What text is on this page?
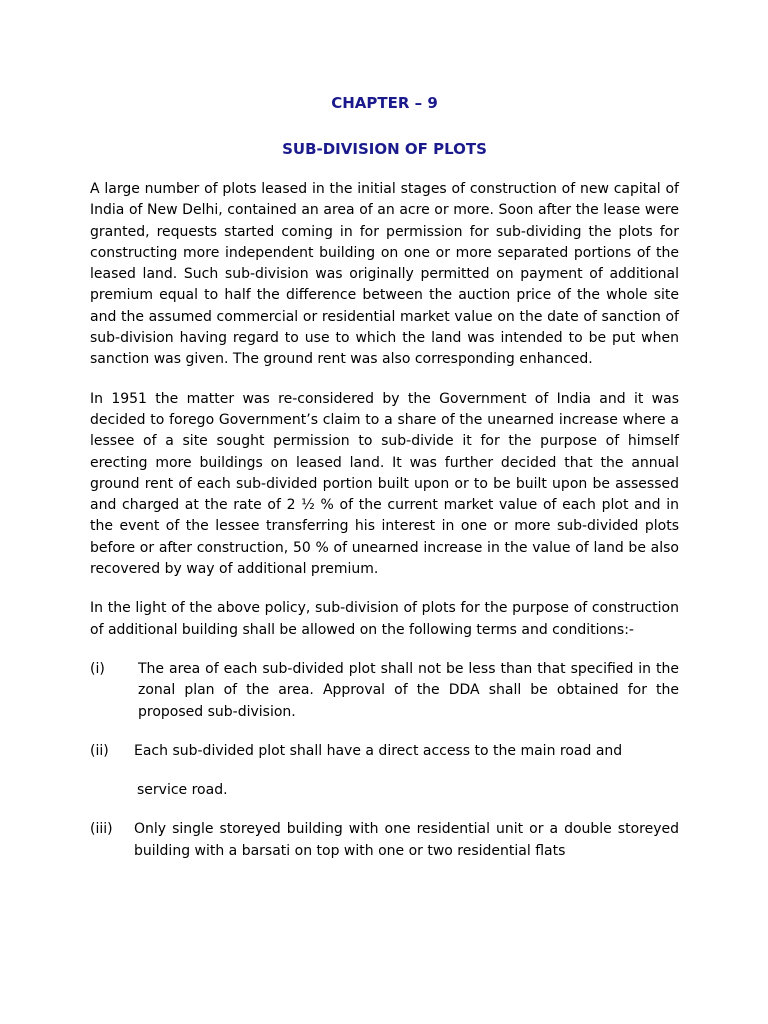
CHAPTER – 9
SUB-DIVISION OF PLOTS

A large number of plots leased in the initial stages of construction of new capital of India of New Delhi, contained an area of an acre or more. Soon after the lease were granted, requests started coming in for permission for sub-dividing the plots for constructing more independent building on one or more separated portions of the leased land. Such sub-division was originally permitted on payment of additional premium equal to half the difference between the auction price of the whole site and the assumed commercial or residential market value on the date of sanction of sub-division having regard to use to which the land was intended to be put when sanction was given. The ground rent was also corresponding enhanced.

In 1951 the matter was re-considered by the Government of India and it was decided to forego Government’s claim to a share of the unearned increase where a lessee of a site sought permission to sub-divide it for the purpose of himself erecting more buildings on leased land. It was further decided that the annual ground rent of each sub-divided portion built upon or to be built upon be assessed and charged at the rate of 2 ½ % of the current market value of each plot and in the event of the lessee transferring his interest in one or more sub-divided plots before or after construction, 50 % of unearned increase in the value of land be also recovered by way of additional premium.

In the light of the above policy, sub-division of plots for the purpose of construction of additional building shall be allowed on the following terms and conditions:-

(i)	The area of each sub-divided plot shall not be less than that specified in the zonal plan of the area. Approval of the DDA shall be obtained for the proposed sub-division.
(ii)	Each sub-divided plot shall have a direct access to the main road and
service road.
(iii)	Only single storeyed building with one residential unit or a double storeyed building with a barsati on top with one or two residential flats
